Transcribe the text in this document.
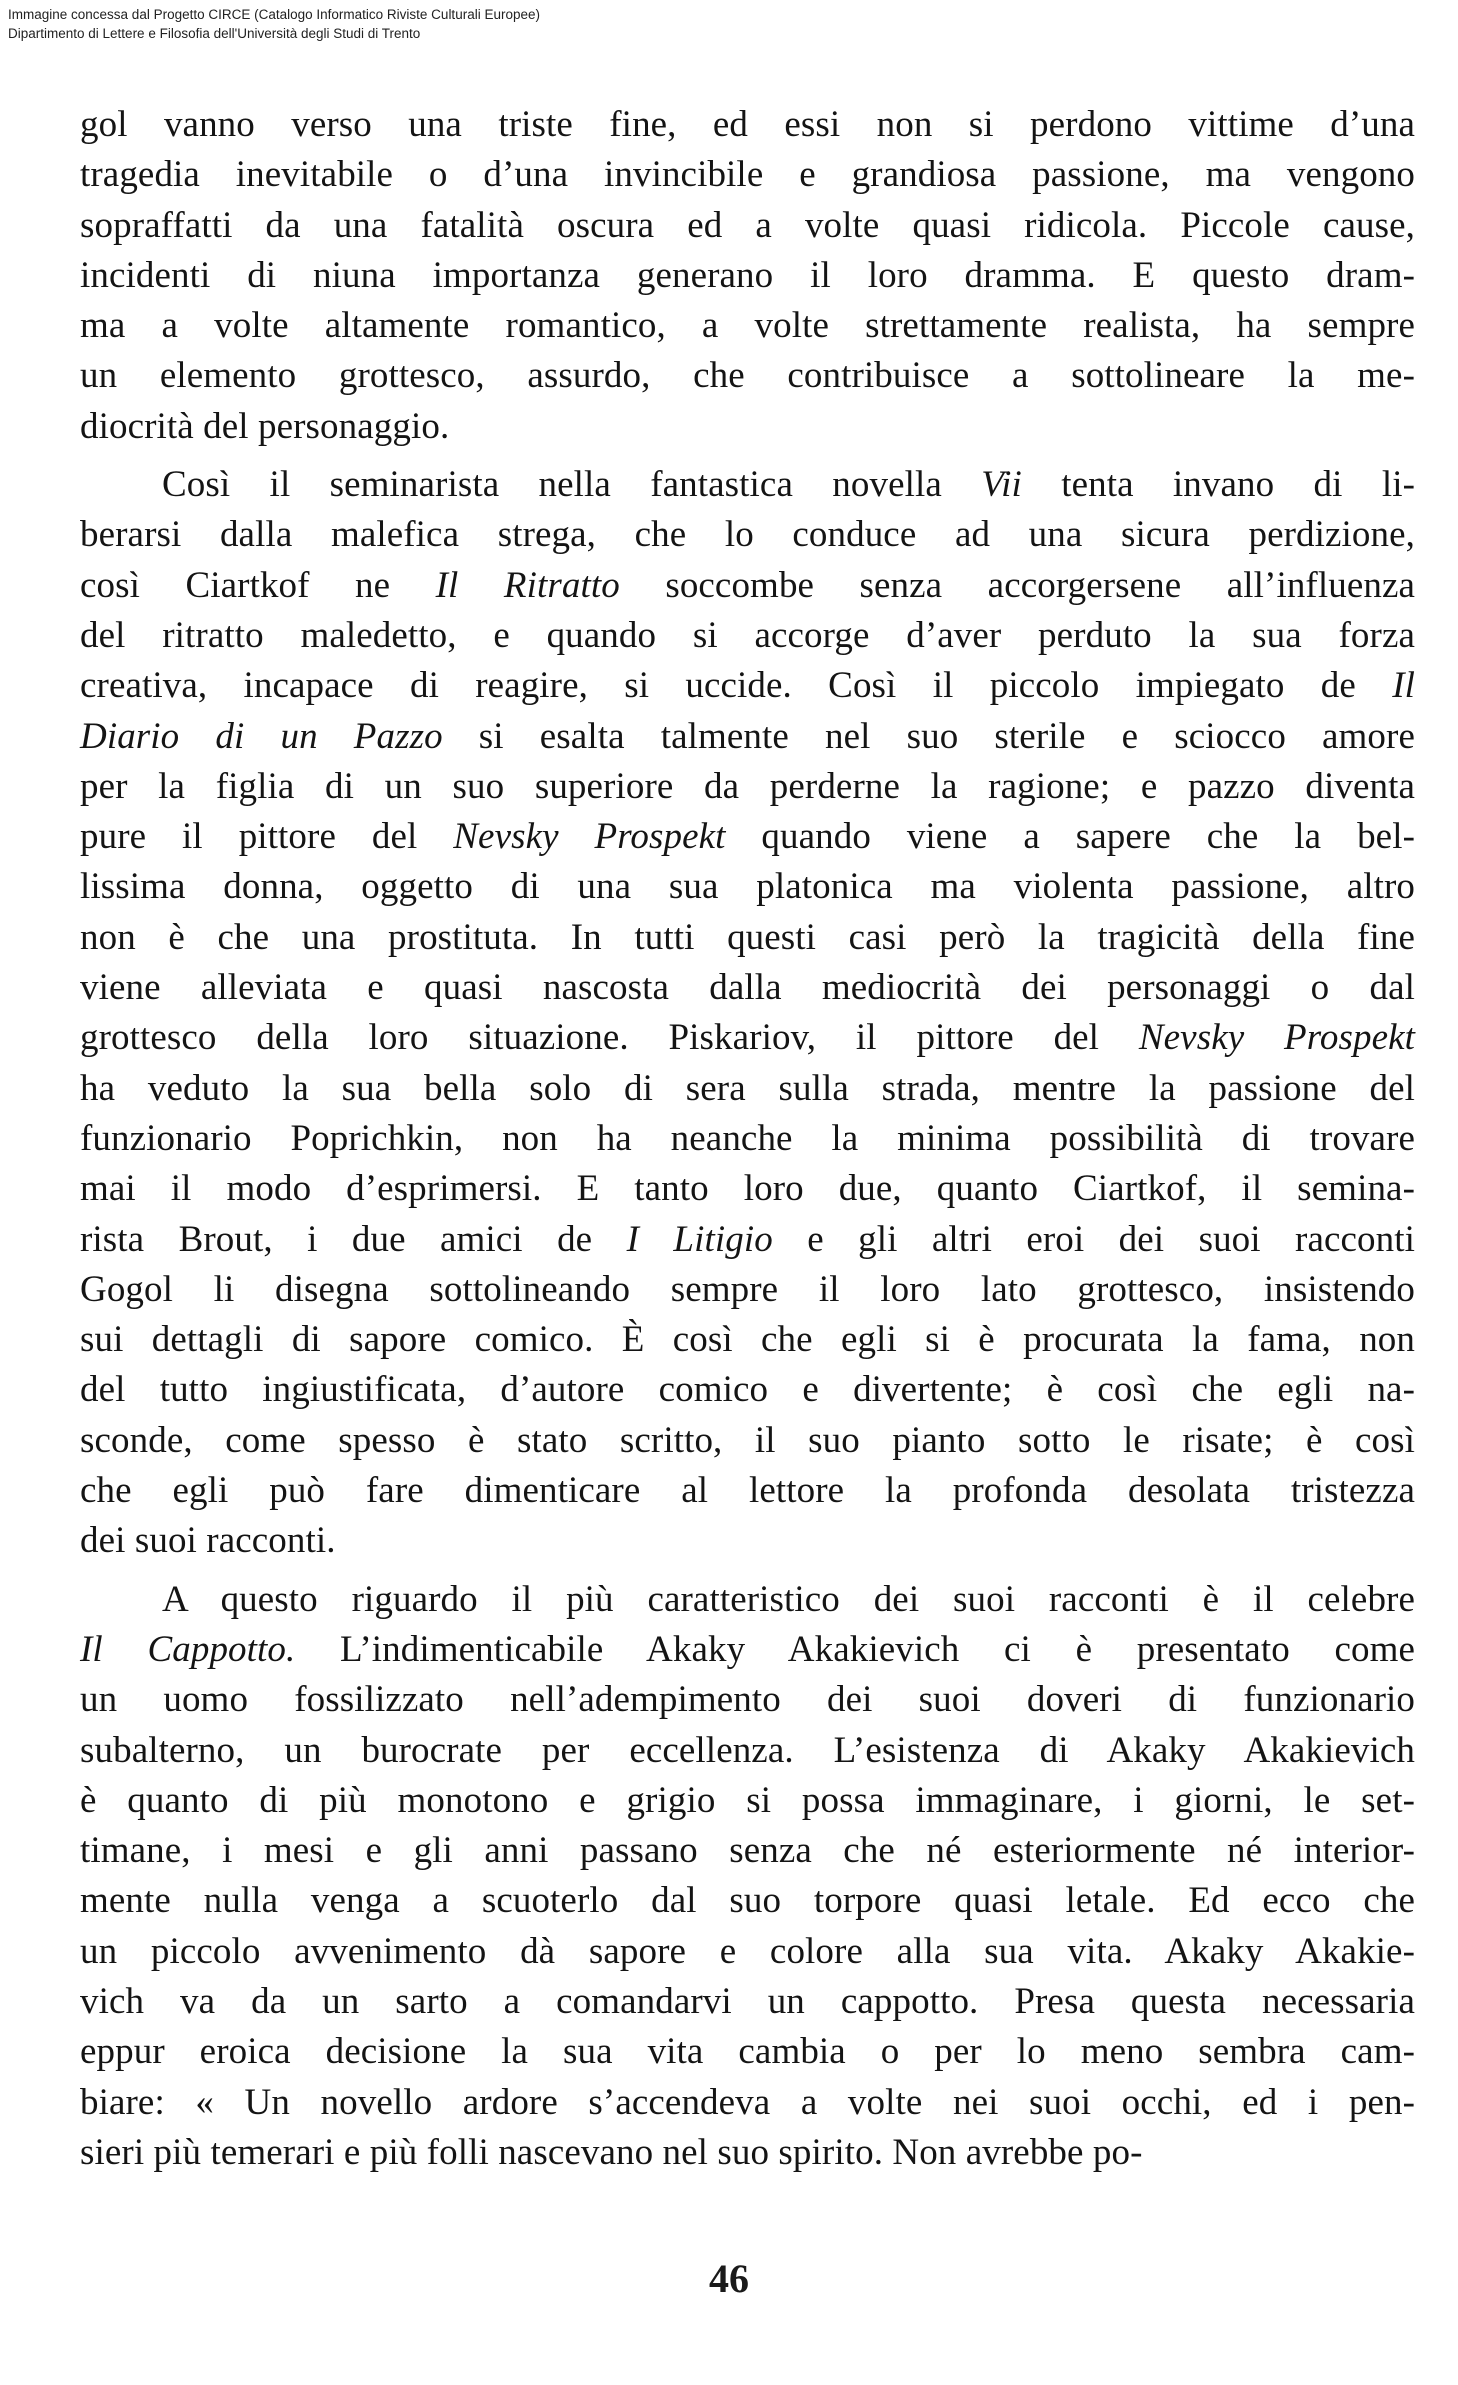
Immagine concessa dal Progetto CIRCE (Catalogo Informatico Riviste Culturali Europee)
Dipartimento di Lettere e Filosofia dell'Università degli Studi di Trento
gol vanno verso una triste fine, ed essi non si perdono vittime d’una
tragedia inevitabile o d’una invincibile e grandiosa passione, ma vengono
sopraffatti da una fatalità oscura ed a volte quasi ridicola. Piccole cause,
incidenti di niuna importanza generano il loro dramma. E questo dram-
ma a volte altamente romantico, a volte strettamente realista, ha sempre
un elemento grottesco, assurdo, che contribuisce a sottolineare la me-
diocrità del personaggio.
Così il seminarista nella fantastica novella Vii tenta invano di li-
berarsi dalla malefica strega, che lo conduce ad una sicura perdizione,
così Ciartkof ne Il Ritratto soccombe senza accorgersene all’influenza
del ritratto maledetto, e quando si accorge d’aver perduto la sua forza
creativa, incapace di reagire, si uccide. Così il piccolo impiegato de Il
Diario di un Pazzo si esalta talmente nel suo sterile e sciocco amore
per la figlia di un suo superiore da perderne la ragione; e pazzo diventa
pure il pittore del Nevsky Prospekt quando viene a sapere che la bel-
lissima donna, oggetto di una sua platonica ma violenta passione, altro
non è che una prostituta. In tutti questi casi però la tragicità della fine
viene alleviata e quasi nascosta dalla mediocrità dei personaggi o dal
grottesco della loro situazione. Piskariov, il pittore del Nevsky Prospekt
ha veduto la sua bella solo di sera sulla strada, mentre la passione del
funzionario Poprichkin, non ha neanche la minima possibilità di trovare
mai il modo d’esprimersi. E tanto loro due, quanto Ciartkof, il semina-
rista Brout, i due amici de I Litigio e gli altri eroi dei suoi racconti
Gogol li disegna sottolineando sempre il loro lato grottesco, insistendo
sui dettagli di sapore comico. È così che egli si è procurata la fama, non
del tutto ingiustificata, d’autore comico e divertente; è così che egli na-
sconde, come spesso è stato scritto, il suo pianto sotto le risate; è così
che egli può fare dimenticare al lettore la profonda desolata tristezza
dei suoi racconti.
A questo riguardo il più caratteristico dei suoi racconti è il celebre
Il Cappotto. L’indimenticabile Akaky Akakievich ci è presentato come
un uomo fossilizzato nell’adempimento dei suoi doveri di funzionario
subalterno, un burocrate per eccellenza. L’esistenza di Akaky Akakievich
è quanto di più monotono e grigio si possa immaginare, i giorni, le set-
timane, i mesi e gli anni passano senza che né esteriormente né interior-
mente nulla venga a scuoterlo dal suo torpore quasi letale. Ed ecco che
un piccolo avvenimento dà sapore e colore alla sua vita. Akaky Akakie-
vich va da un sarto a comandarvi un cappotto. Presa questa necessaria
eppur eroica decisione la sua vita cambia o per lo meno sembra cam-
biare: « Un novello ardore s’accendeva a volte nei suoi occhi, ed i pen-
sieri più temerari e più folli nascevano nel suo spirito. Non avrebbe po-
46
